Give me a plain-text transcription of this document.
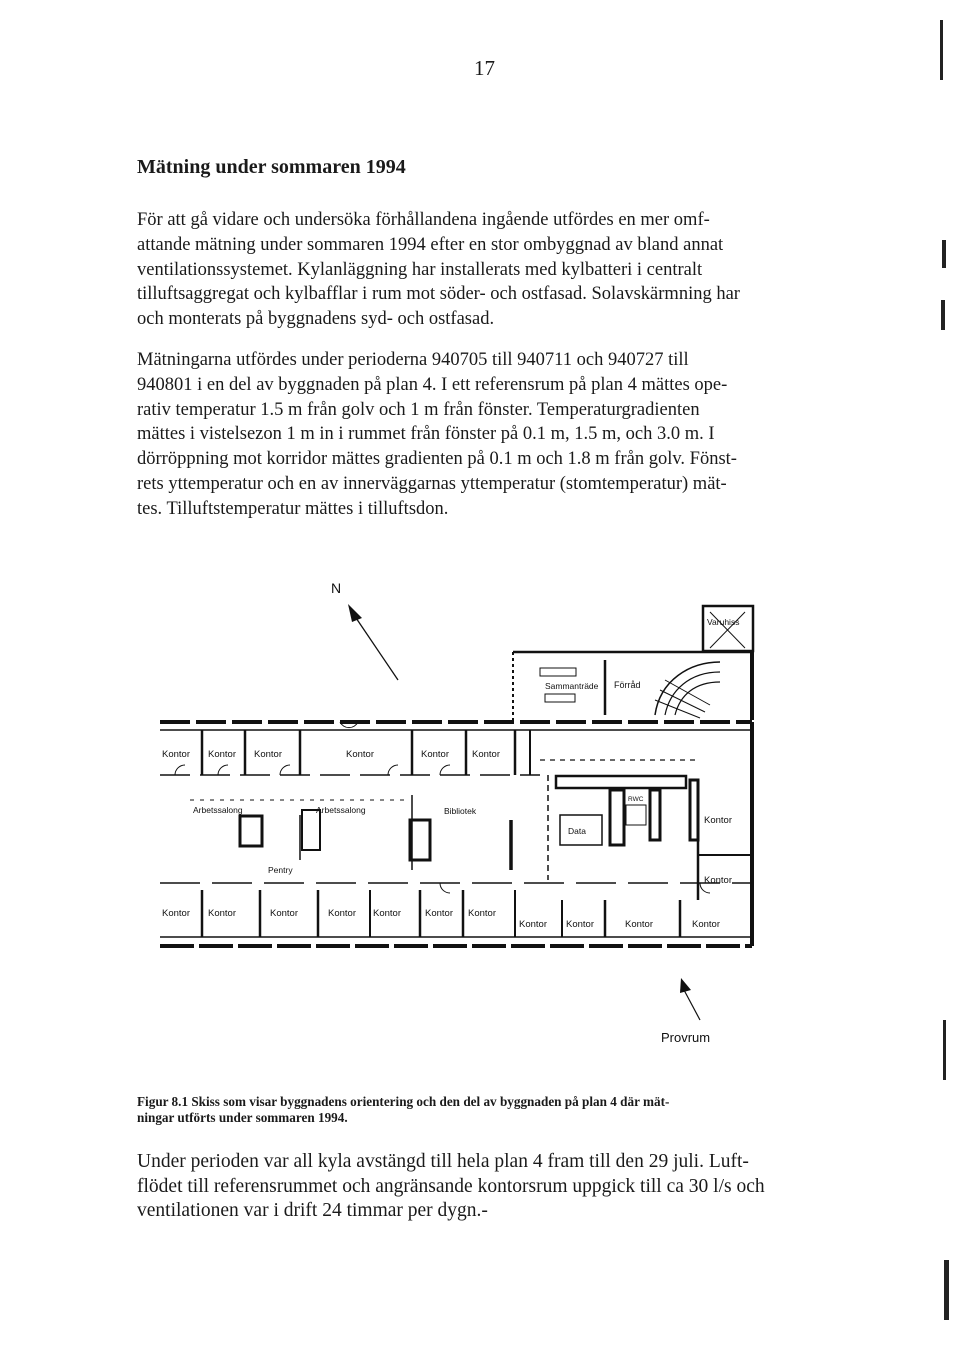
17
Mätning under sommaren 1994

För att gå vidare och undersöka förhållandena ingående utfördes en mer omf-
attande mätning under sommaren 1994 efter en stor ombyggnad av bland annat
ventilationssystemet. Kylanläggning har installerats med kylbatteri i centralt
tilluftsaggregat och kylbafflar i rum mot söder- och ostfasad. Solavskärmning har
och monterats på byggnadens syd- och ostfasad.

Mätningarna utfördes under perioderna 940705 till 940711 och 940727 till
940801 i en del av byggnaden på plan 4. I ett referensrum på plan 4 mättes ope-
rativ temperatur 1.5 m från golv och 1 m från fönster. Temperaturgradienten
mättes i vistelsezon 1 m in i rummet från fönster på 0.1 m, 1.5 m, och 3.0 m. I
dörröppning mot korridor mättes gradienten på 0.1 m och 1.8 m från golv. Fönst-
rets yttemperatur och en av innerväggarnas yttemperatur (stomtemperatur) mät-
tes. Tilluftstemperatur mättes i tilluftsdon.

N
Varuhiss
Sammanträde Förråd
Kontor Kontor Kontor	Kontor	Kontor Kontor
Arbetssalong	Arbetssalong	Bibliotek
Pentry
Data
RWC
Kontor
Kontor
Kontor Kontor	Kontor	Kontor Kontor	Kontor Kontor
Kontor Kontor	Kontor	Kontor
Provrum

Figur 8.1 Skiss som visar byggnadens orientering och den del av byggnaden på plan 4 där mät-
ningar utförts under sommaren 1994.

Under perioden var all kyla avstängd till hela plan 4 fram till den 29 juli. Luft-
flödet till referensrummet och angränsande kontorsrum uppgick till ca 30 l/s och
ventilationen var i drift 24 timmar per dygn.-
